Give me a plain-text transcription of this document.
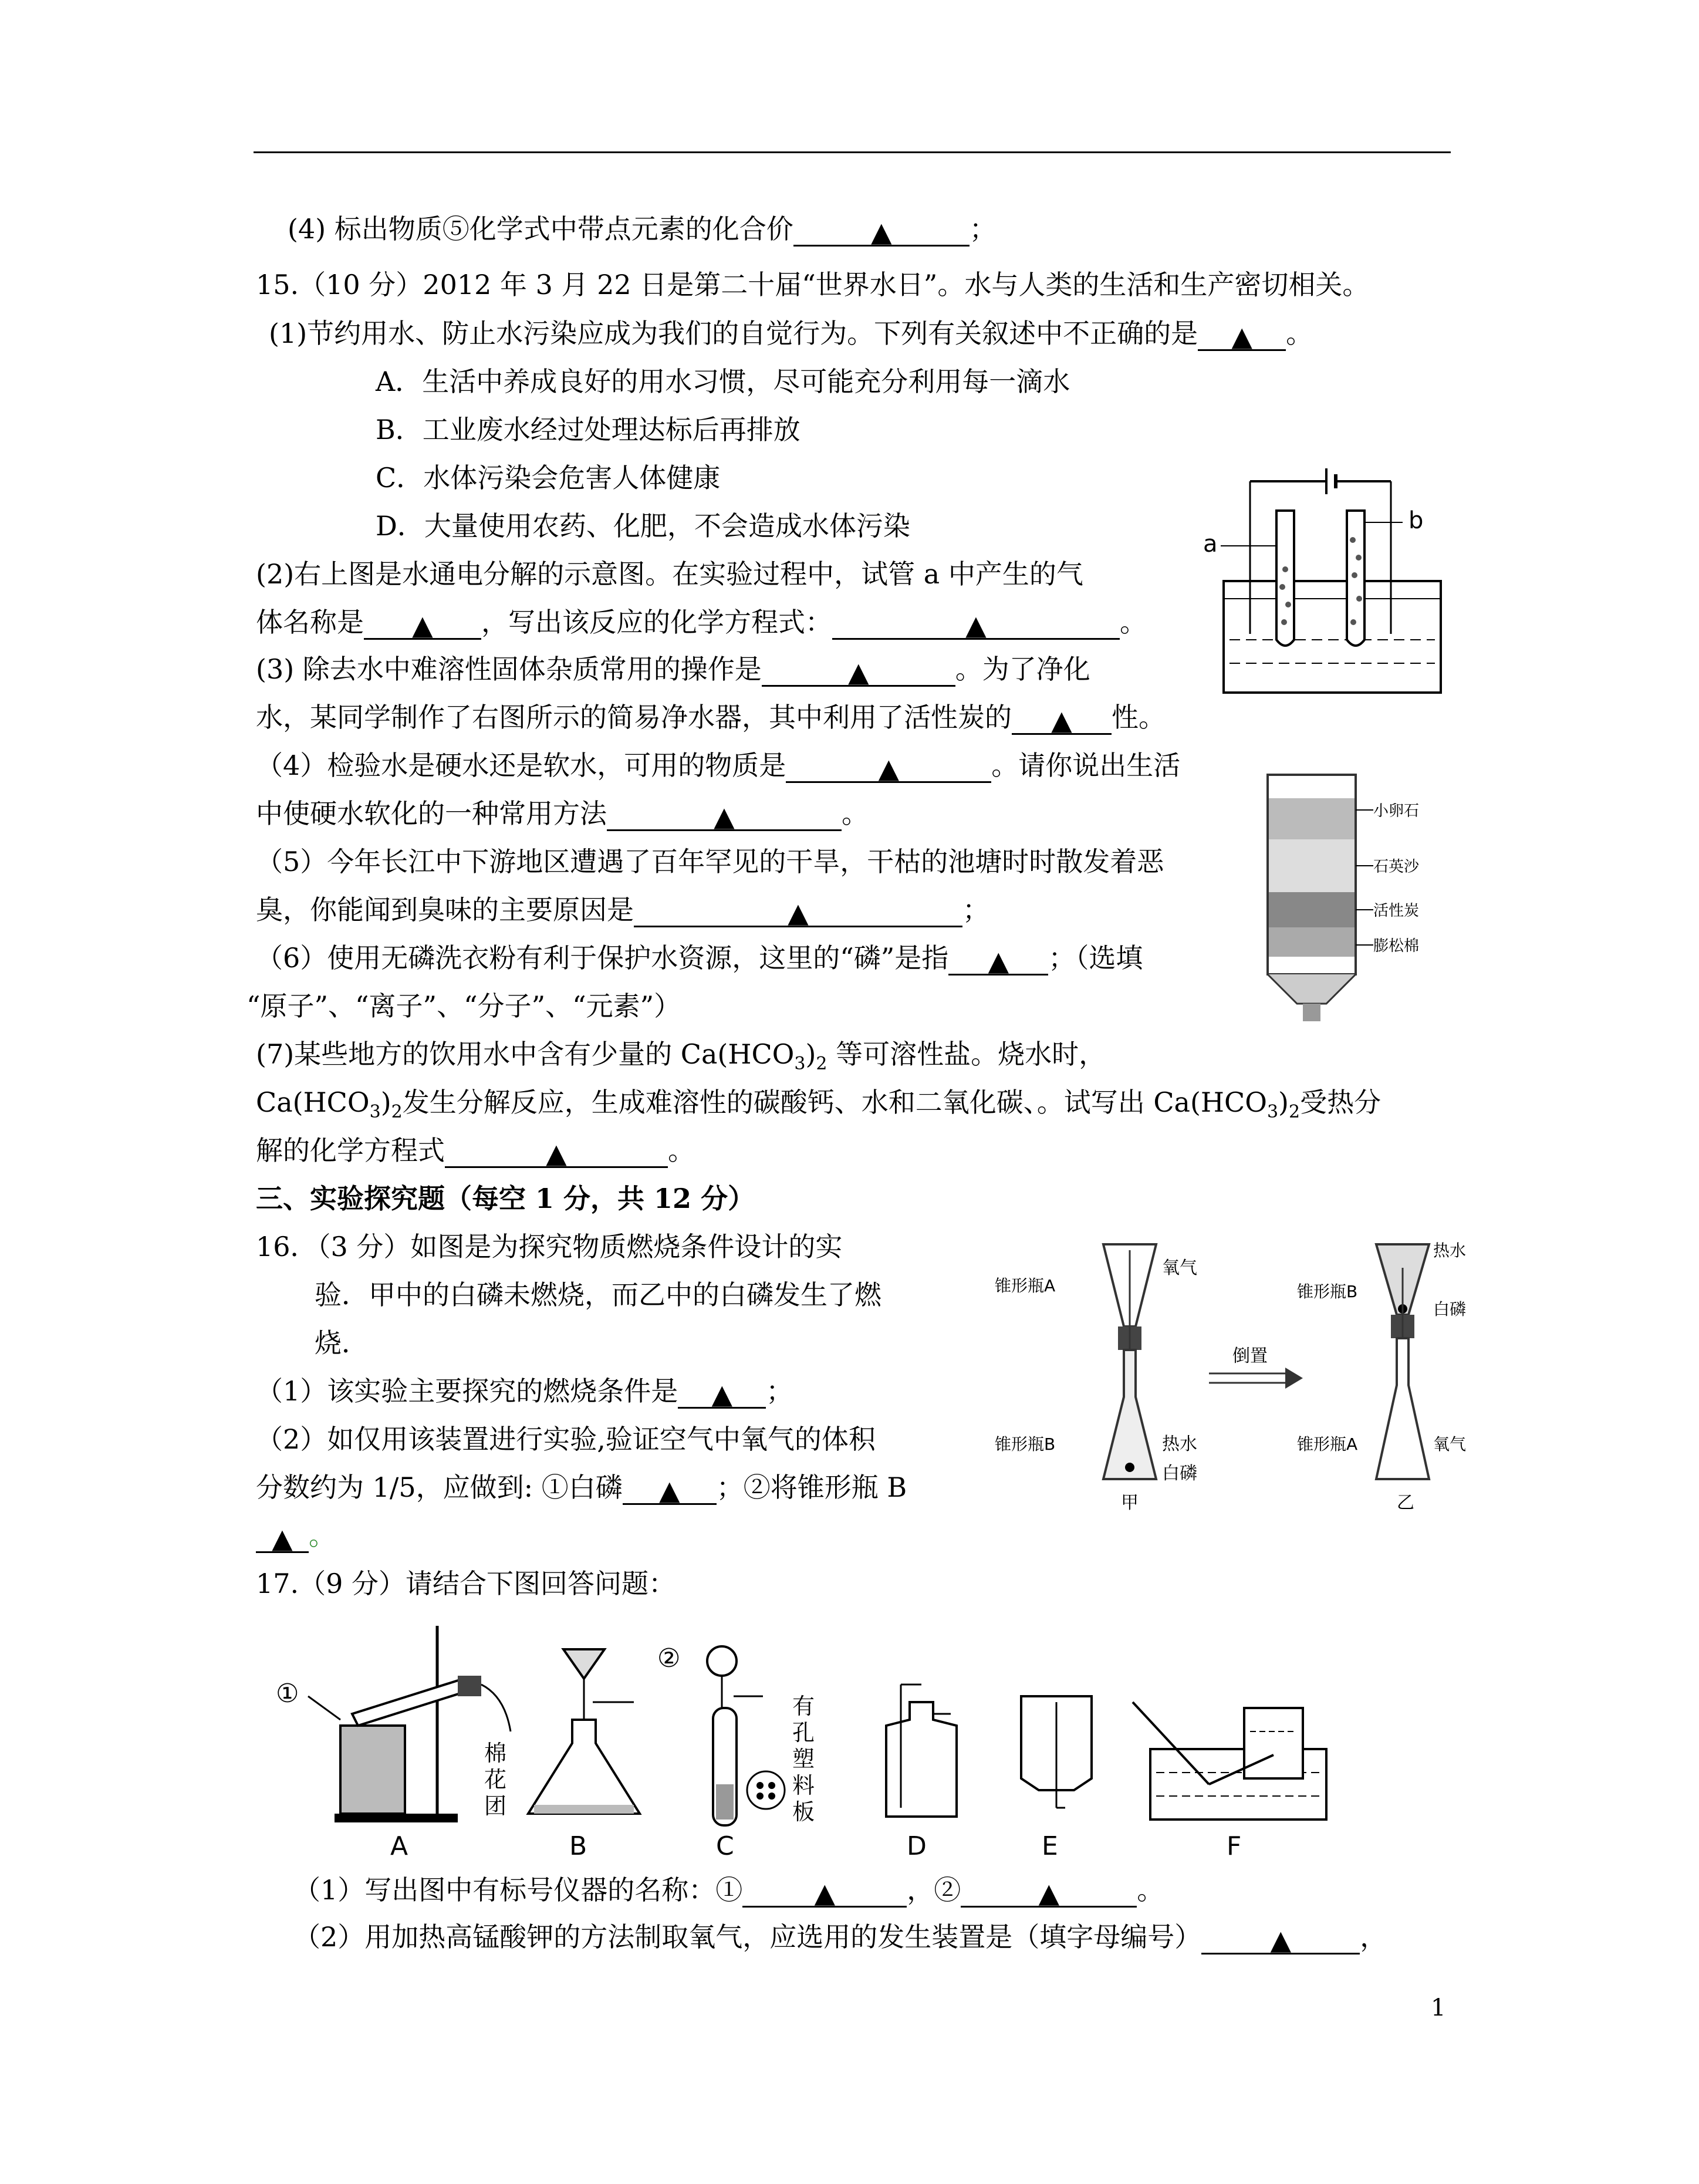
(4) 标出物质⑤化学式中带点元素的化合价	▲	；
15.（10 分）2012 年 3 月 22 日是第二十届“世界水日”。水与人类的生活和生产密切相关。
(1)节约用水、防止水污染应成为我们的自觉行为。下列有关叙述中不正确的是 ▲ 。
A．生活中养成良好的用水习惯，尽可能充分利用每一滴水
B．工业废水经过处理达标后再排放
C．水体污染会危害人体健康
D．大量使用农药、化肥，不会造成水体污染
(2)右上图是水通电分解的示意图。在实验过程中，试管 a 中产生的气
体名称是 ▲ ，写出该反应的化学方程式：	▲	。
(3) 除去水中难溶性固体杂质常用的操作是	▲	。为了净化
水，某同学制作了右图所示的简易净水器，其中利用了活性炭的 ▲ 性。
（4）检验水是硬水还是软水，可用的物质是	▲	。请你说出生活
中使硬水软化的一种常用方法	▲	。
（5）今年长江中下游地区遭遇了百年罕见的干旱，干枯的池塘时时散发着恶
臭，你能闻到臭味的主要原因是	▲	；
（6）使用无磷洗衣粉有利于保护水资源，这里的“磷”是指 ▲ ；（选填
“原子”、“离子”、“分子”、“元素”）
(7)某些地方的饮用水中含有少量的 $Ca(HCO_3)_2$ 等可溶性盐。烧水时，
$Ca(HCO_3)_2$发生分解反应，生成难溶性的碳酸钙、水和二氧化碳、。试写出 $Ca(HCO_3)_2$受热分
解的化学方程式	▲	。
三、实验探究题（每空 1 分，共 12 分）
16．（3 分）如图是为探究物质燃烧条件设计的实
验．甲中的白磷未燃烧，而乙中的白磷发生了燃
烧．
（1）该实验主要探究的燃烧条件是 ▲ ；
（2）如仅用该装置进行实验,验证空气中氧气的体积
分数约为 1/5，应做到: ①白磷 ▲ ；②将锥形瓶 B
▲ 。
17.（9 分）请结合下图回答问题：
（1）写出图中有标号仪器的名称：①	▲	，②	▲	。
（2）用加热高锰酸钾的方法制取氧气，应选用的发生装置是（填字母编号）	▲	，
a
b
小卵石
石英沙
活性炭
膨松棉
锥形瓶A
氧气
锥形瓶B	热水
白磷
甲
倒置
热水
锥形瓶B
白磷
锥形瓶A	氧气
乙
①
棉
花
团
②
有
孔
塑
料
板
A	B	C	D	E	F
1
